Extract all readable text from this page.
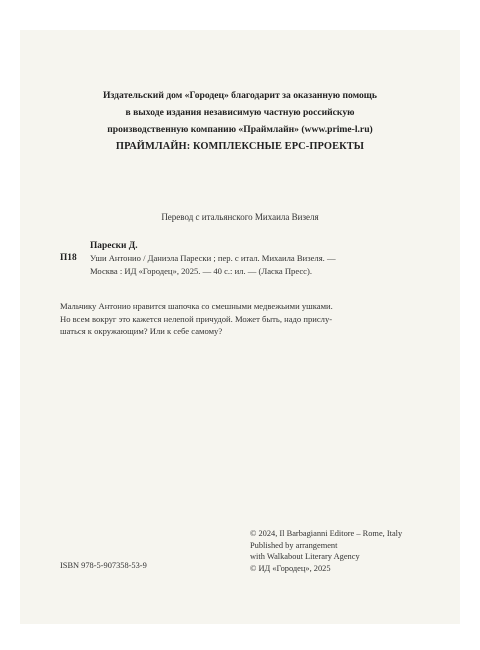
Издательский дом «Городец» благодарит за оказанную помощь
в выходе издания независимую частную российскую
производственную компанию «Праймлайн» (www.prime-l.ru)
ПРАЙМЛАЙН: КОМПЛЕКСНЫЕ EPC-ПРОЕКТЫ
Перевод с итальянского Михаила Визеля
П18
Парески Д.
Уши Антонио / Даниэла Парески ; пер. с итал. Михаила Визеля. —
Москва : ИД «Городец», 2025. — 40 с.: ил. — (Ласка Пресс).
Мальчику Антонио нравится шапочка со смешными медвежьими ушками.
Но всем вокруг это кажется нелепой причудой. Может быть, надо прислу-
шаться к окружающим? Или к себе самому?
ISBN 978-5-907358-53-9
© 2024, Il Barbagianni Editore – Rome, Italy
Published by arrangement
with Walkabout Literary Agency
© ИД «Городец», 2025
